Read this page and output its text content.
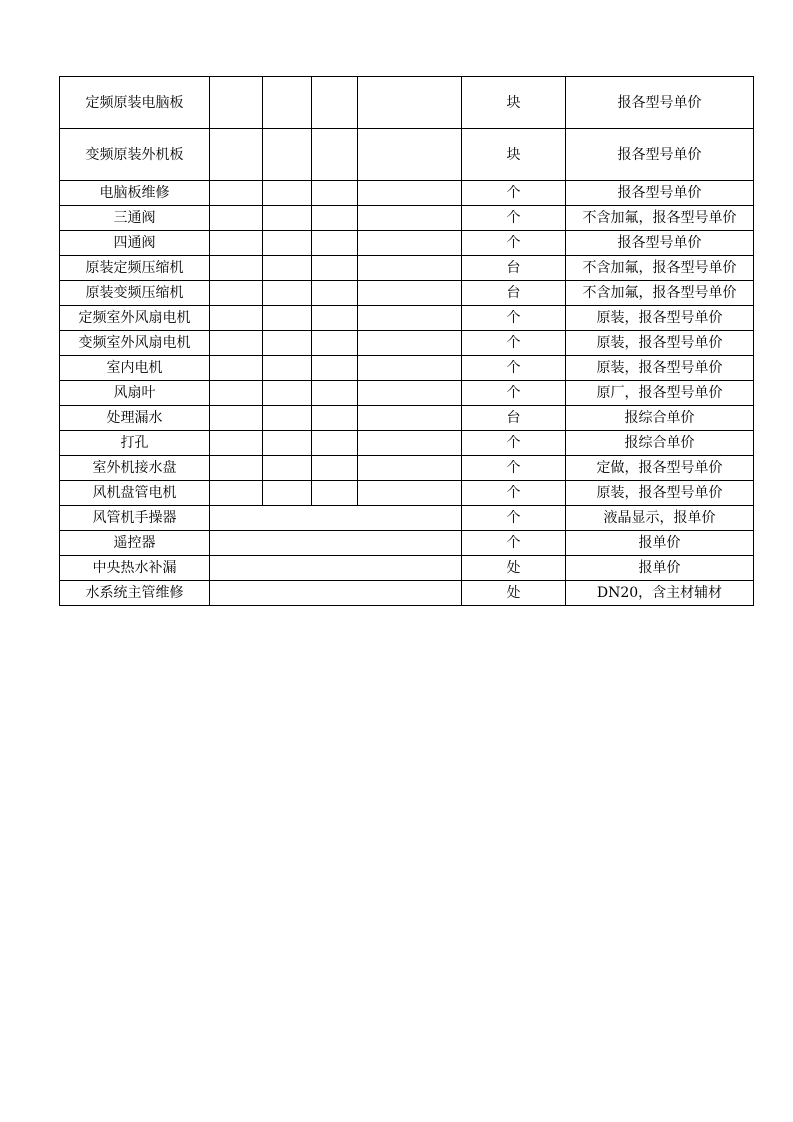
定频原装电脑板					块	报各型号单价
变频原装外机板					块	报各型号单价
电脑板维修					个	报各型号单价
三通阀					个	不含加氟，报各型号单价
四通阀					个	报各型号单价
原装定频压缩机					台	不含加氟，报各型号单价
原装变频压缩机					台	不含加氟，报各型号单价
定频室外风扇电机					个	原装，报各型号单价
变频室外风扇电机					个	原装，报各型号单价
室内电机					个	原装，报各型号单价
风扇叶					个	原厂，报各型号单价
处理漏水					台	报综合单价
打孔					个	报综合单价
室外机接水盘					个	定做，报各型号单价
风机盘管电机					个	原装，报各型号单价
风管机手操器					个	液晶显示，报单价
遥控器					个	报单价
中央热水补漏					处	报单价
水系统主管维修					处	DN20，含主材辅材
